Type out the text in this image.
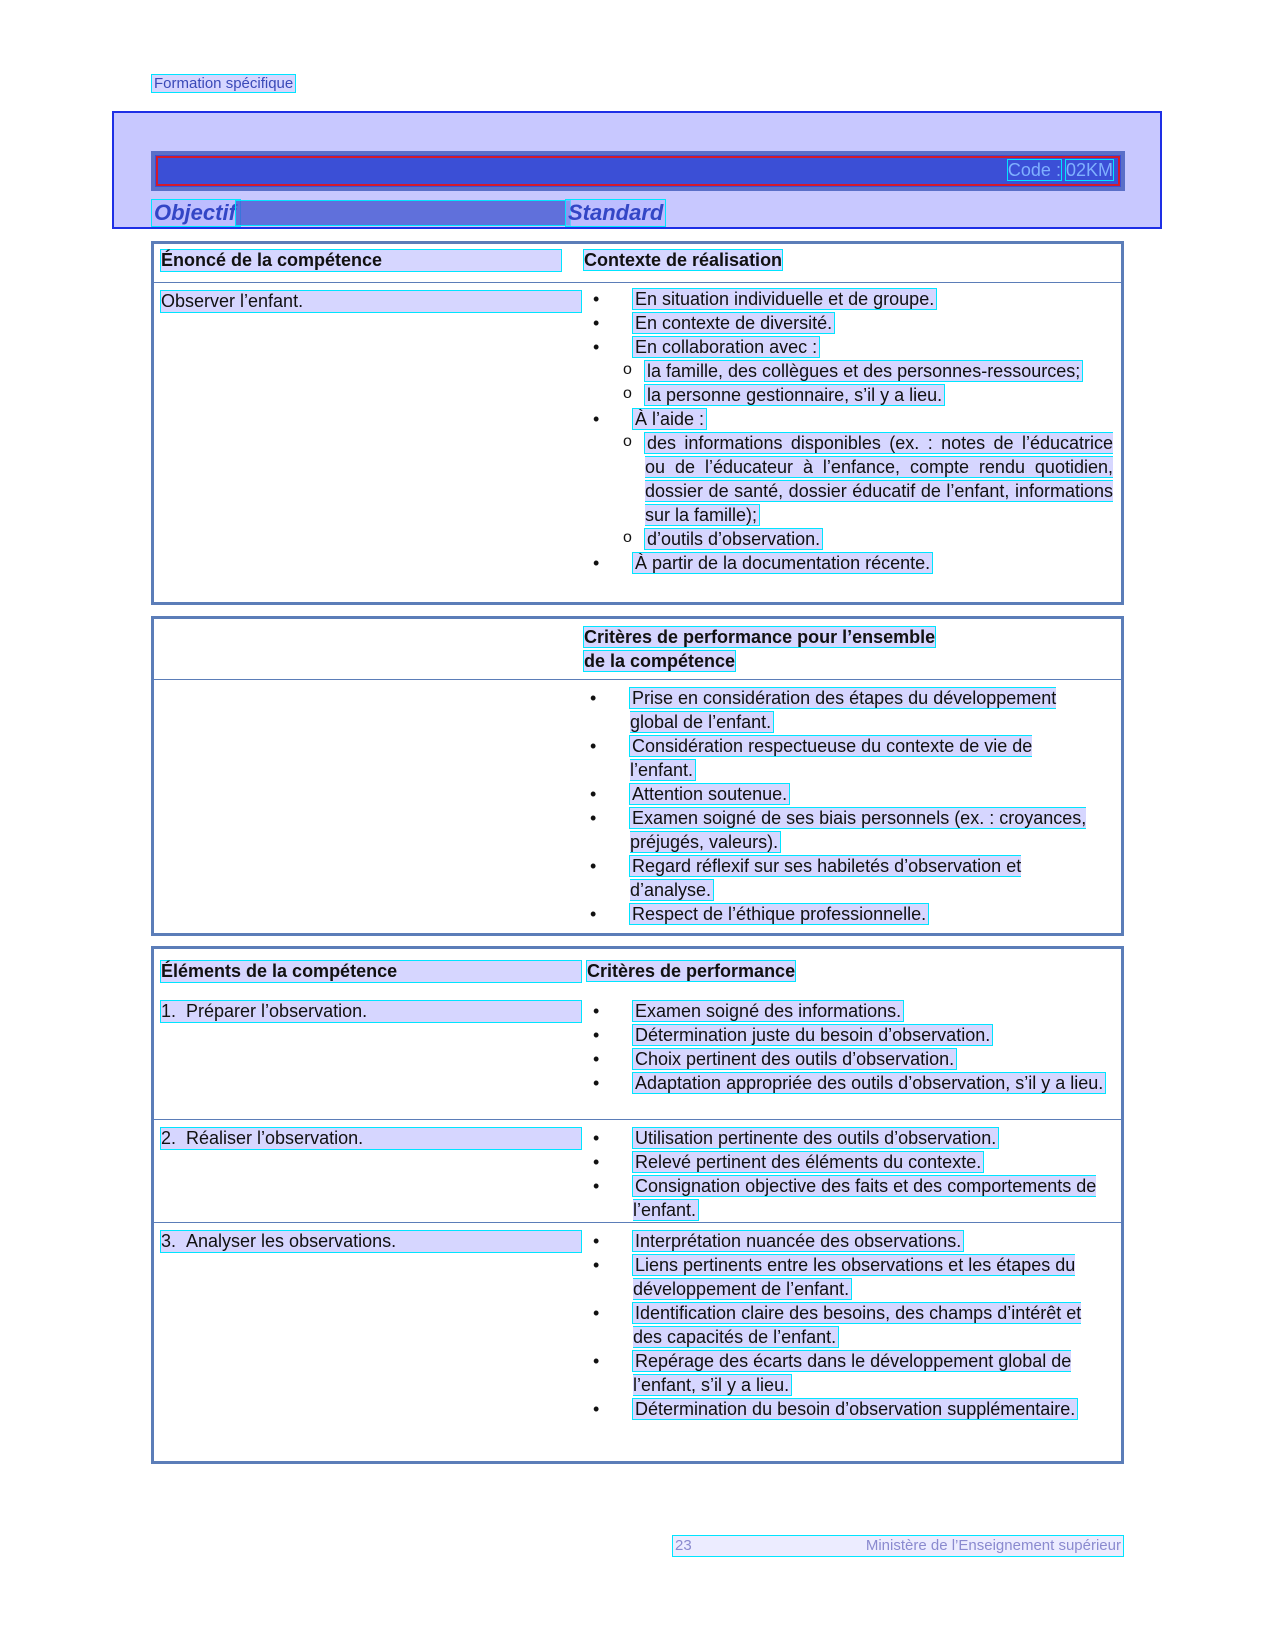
Formation spécifique
Code : 02KM
Objectif	Standard
Énoncé de la compétence	Contexte de réalisation
Observer l’enfant.	• En situation individuelle et de groupe.
• En contexte de diversité.
• En collaboration avec :
o la famille, des collègues et des personnes-ressources;
o la personne gestionnaire, s’il y a lieu.
• À l’aide :
o des informations disponibles (ex. : notes de l’éducatrice ou de l’éducateur à l’enfance, compte rendu quotidien, dossier de santé, dossier éducatif de l’enfant, informations sur la famille);
o d’outils d’observation.
• À partir de la documentation récente.
Critères de performance pour l’ensemble
de la compétence
• Prise en considération des étapes du développement global de l’enfant.
• Considération respectueuse du contexte de vie de l’enfant.
• Attention soutenue.
• Examen soigné de ses biais personnels (ex. : croyances, préjugés, valeurs).
• Regard réflexif sur ses habiletés d’observation et d’analyse.
• Respect de l’éthique professionnelle.
Éléments de la compétence	Critères de performance
1.  Préparer l’observation.	• Examen soigné des informations.
• Détermination juste du besoin d’observation.
• Choix pertinent des outils d’observation.
• Adaptation appropriée des outils d’observation, s’il y a lieu.
2.  Réaliser l’observation.	• Utilisation pertinente des outils d’observation.
• Relevé pertinent des éléments du contexte.
• Consignation objective des faits et des comportements de l’enfant.
3.  Analyser les observations.	• Interprétation nuancée des observations.
• Liens pertinents entre les observations et les étapes du développement de l’enfant.
• Identification claire des besoins, des champs d’intérêt et des capacités de l’enfant.
• Repérage des écarts dans le développement global de l’enfant, s’il y a lieu.
• Détermination du besoin d’observation supplémentaire.
23	Ministère de l’Enseignement supérieur
